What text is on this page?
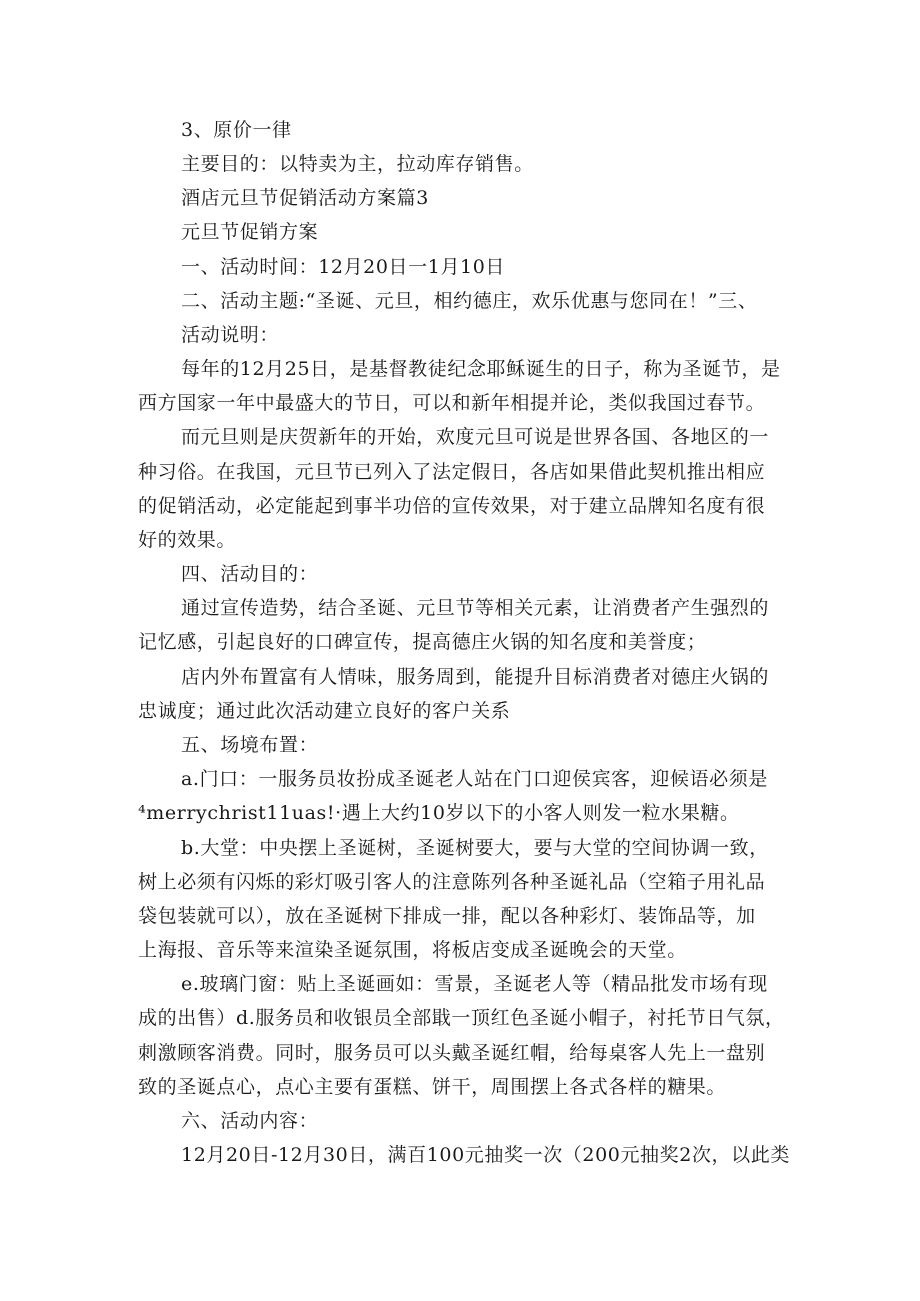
3、原价一律
主要目的：以特卖为主，拉动库存销售。
酒店元旦节促销活动方案篇3
元旦节促销方案
一、活动时间：12月20日一1月10日
二、活动主题:“圣诞、元旦，相约德庄，欢乐优惠与您同在！”三、
活动说明：
每年的12月25日，是基督教徒纪念耶稣诞生的日子，称为圣诞节，是
西方国家一年中最盛大的节日，可以和新年相提并论，类似我国过春节。
而元旦则是庆贺新年的开始，欢度元旦可说是世界各国、各地区的一
种习俗。在我国，元旦节已列入了法定假日，各店如果借此契机推出相应
的促销活动，必定能起到事半功倍的宣传效果，对于建立品牌知名度有很
好的效果。
四、活动目的：
通过宣传造势，结合圣诞、元旦节等相关元素，让消费者产生强烈的
记忆感，引起良好的口碑宣传，提高德庄火锅的知名度和美誉度；
店内外布置富有人情味，服务周到，能提升目标消费者对德庄火锅的
忠诚度；通过此次活动建立良好的客户关系
五、场境布置：
a.门口：一服务员妆扮成圣诞老人站在门口迎侯宾客，迎候语必须是
⁴merrychrist11uas!·遇上大约10岁以下的小客人则发一粒水果糖。
b.大堂：中央摆上圣诞树，圣诞树要大，要与大堂的空间协调一致，
树上必须有闪烁的彩灯吸引客人的注意陈列各种圣诞礼品（空箱子用礼品
袋包装就可以），放在圣诞树下排成一排，配以各种彩灯、装饰品等，加
上海报、音乐等来渲染圣诞氛围，将板店变成圣诞晚会的天堂。
e.玻璃门窗：贴上圣诞画如：雪景，圣诞老人等（精品批发市场有现
成的出售）d.服务员和收银员全部戢一顶红色圣诞小帽子，衬托节日气氛，
刺激顾客消费。同时，服务员可以头戴圣诞红帽，给每桌客人先上一盘别
致的圣诞点心，点心主要有蛋糕、饼干，周围摆上各式各样的糖果。
六、活动内容：
12月20日-12月30日，满百100元抽奖一次（200元抽奖2次，以此类
